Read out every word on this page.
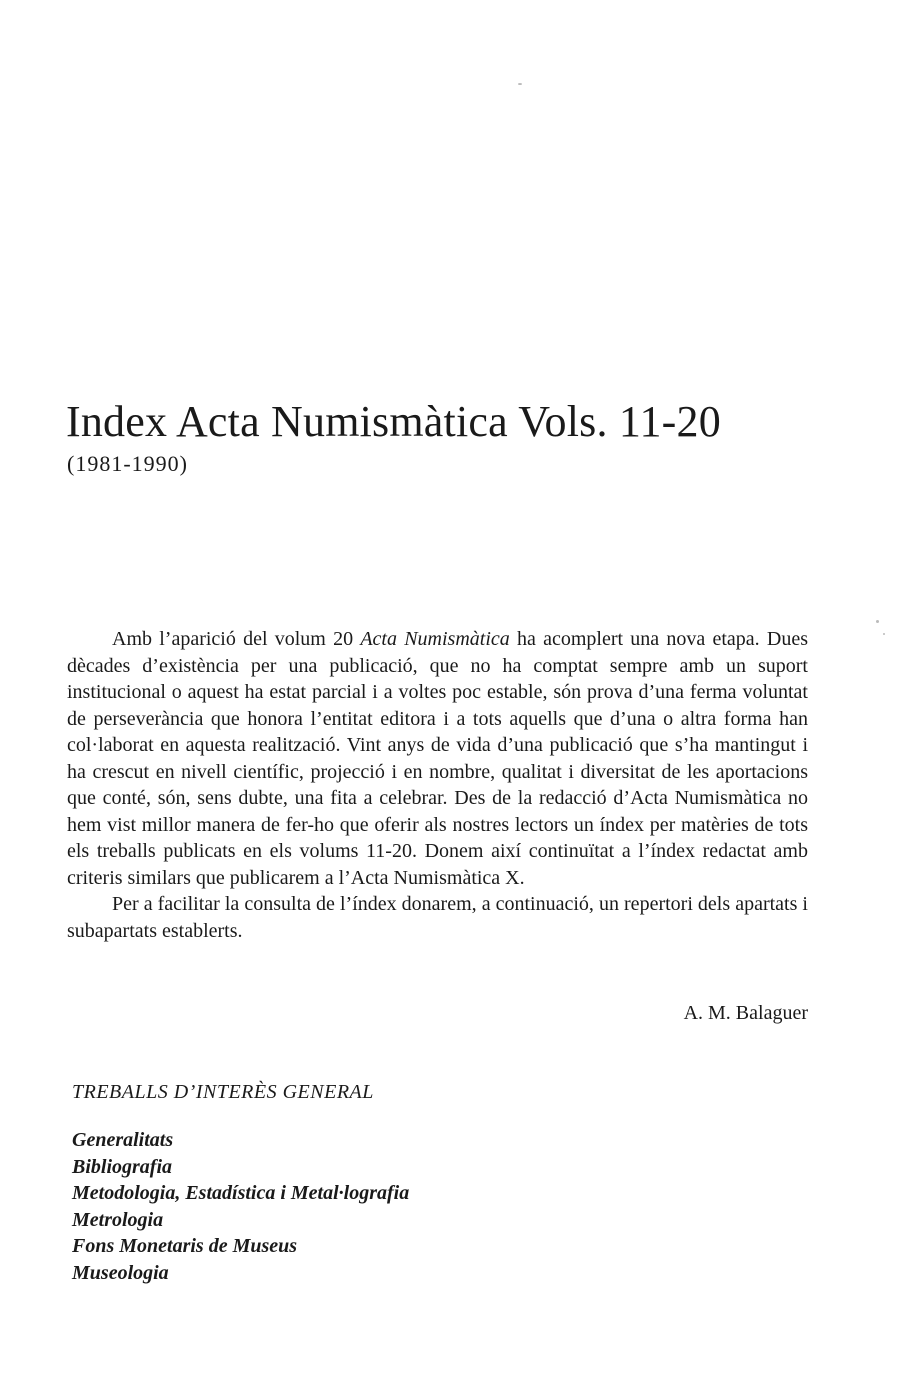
Index Acta Numismàtica Vols. 11-20
(1981-1990)

Amb l’aparició del volum 20 Acta Numismàtica ha acomplert una nova etapa. Dues dècades d’existència per una publicació, que no ha comptat sempre amb un suport institucional o aquest ha estat parcial i a voltes poc estable, són prova d’una ferma voluntat de perseverància que honora l’entitat editora i a tots aquells que d’una o altra forma han col·laborat en aquesta realització. Vint anys de vida d’una publicació que s’ha mantingut i ha crescut en nivell científic, projecció i en nombre, qualitat i diversitat de les aportacions que conté, són, sens dubte, una fita a celebrar. Des de la redacció d’Acta Numismàtica no hem vist millor manera de fer-ho que oferir als nostres lectors un índex per matèries de tots els treballs publicats en els volums 11-20. Donem així continuïtat a l’índex redactat amb criteris similars que publicarem a l’Acta Numismàtica X.

Per a facilitar la consulta de l’índex donarem, a continuació, un repertori dels apartats i subapartats establerts.

A. M. Balaguer
TREBALLS D’INTERÈS GENERAL
Generalitats
Bibliografia
Metodologia, Estadística i Metal·lografia
Metrologia
Fons Monetaris de Museus
Museologia
